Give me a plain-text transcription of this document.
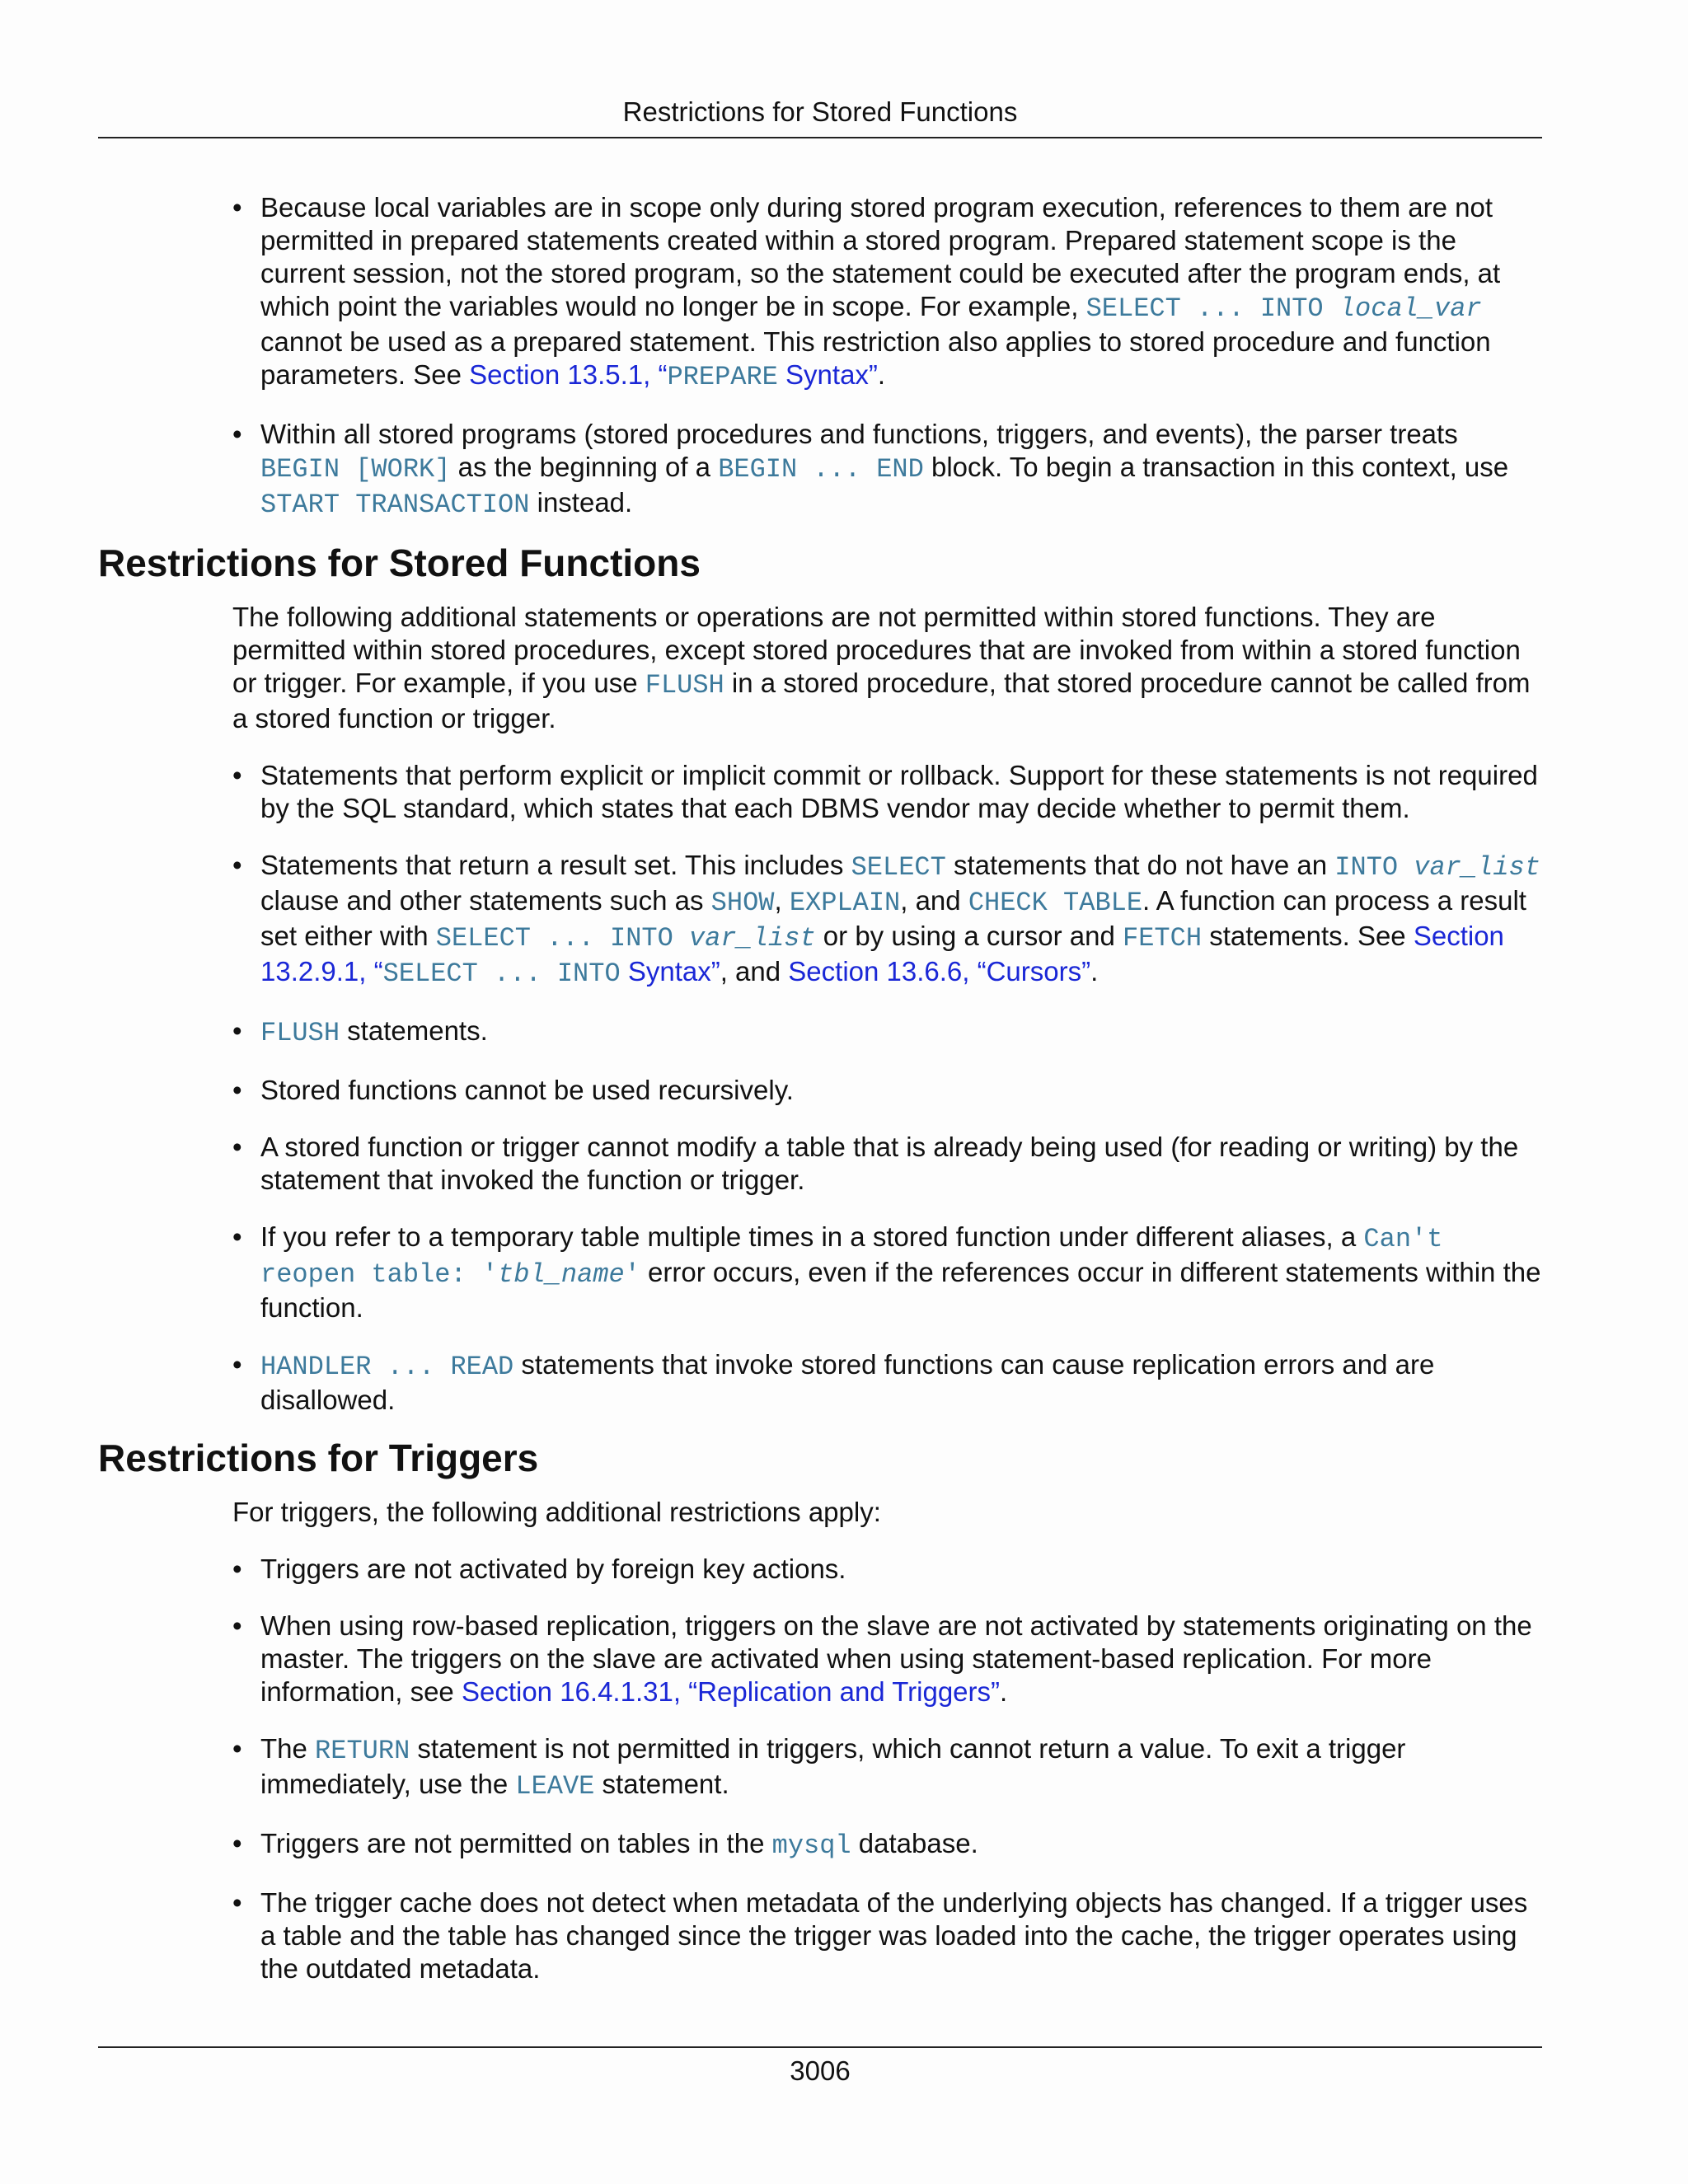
Restrictions for Stored Functions
• Because local variables are in scope only during stored program execution, references to them are not permitted in prepared statements created within a stored program. Prepared statement scope is the current session, not the stored program, so the statement could be executed after the program ends, at which point the variables would no longer be in scope. For example, SELECT ... INTO local_var cannot be used as a prepared statement. This restriction also applies to stored procedure and function parameters. See Section 13.5.1, “PREPARE Syntax”.
• Within all stored programs (stored procedures and functions, triggers, and events), the parser treats BEGIN [WORK] as the beginning of a BEGIN ... END block. To begin a transaction in this context, use START TRANSACTION instead.
Restrictions for Stored Functions

The following additional statements or operations are not permitted within stored functions. They are permitted within stored procedures, except stored procedures that are invoked from within a stored function or trigger. For example, if you use FLUSH in a stored procedure, that stored procedure cannot be called from a stored function or trigger.

• Statements that perform explicit or implicit commit or rollback. Support for these statements is not required by the SQL standard, which states that each DBMS vendor may decide whether to permit them.
• Statements that return a result set. This includes SELECT statements that do not have an INTO var_list clause and other statements such as SHOW, EXPLAIN, and CHECK TABLE. A function can process a result set either with SELECT ... INTO var_list or by using a cursor and FETCH statements. See Section 13.2.9.1, “SELECT ... INTO Syntax”, and Section 13.6.6, “Cursors”.
• FLUSH statements.
• Stored functions cannot be used recursively.
• A stored function or trigger cannot modify a table that is already being used (for reading or writing) by the statement that invoked the function or trigger.
• If you refer to a temporary table multiple times in a stored function under different aliases, a Can't reopen table: 'tbl_name' error occurs, even if the references occur in different statements within the function.
• HANDLER ... READ statements that invoke stored functions can cause replication errors and are disallowed.
Restrictions for Triggers

For triggers, the following additional restrictions apply:

• Triggers are not activated by foreign key actions.
• When using row-based replication, triggers on the slave are not activated by statements originating on the master. The triggers on the slave are activated when using statement-based replication. For more information, see Section 16.4.1.31, “Replication and Triggers”.
• The RETURN statement is not permitted in triggers, which cannot return a value. To exit a trigger immediately, use the LEAVE statement.
• Triggers are not permitted on tables in the mysql database.
• The trigger cache does not detect when metadata of the underlying objects has changed. If a trigger uses a table and the table has changed since the trigger was loaded into the cache, the trigger operates using the outdated metadata.
3006
